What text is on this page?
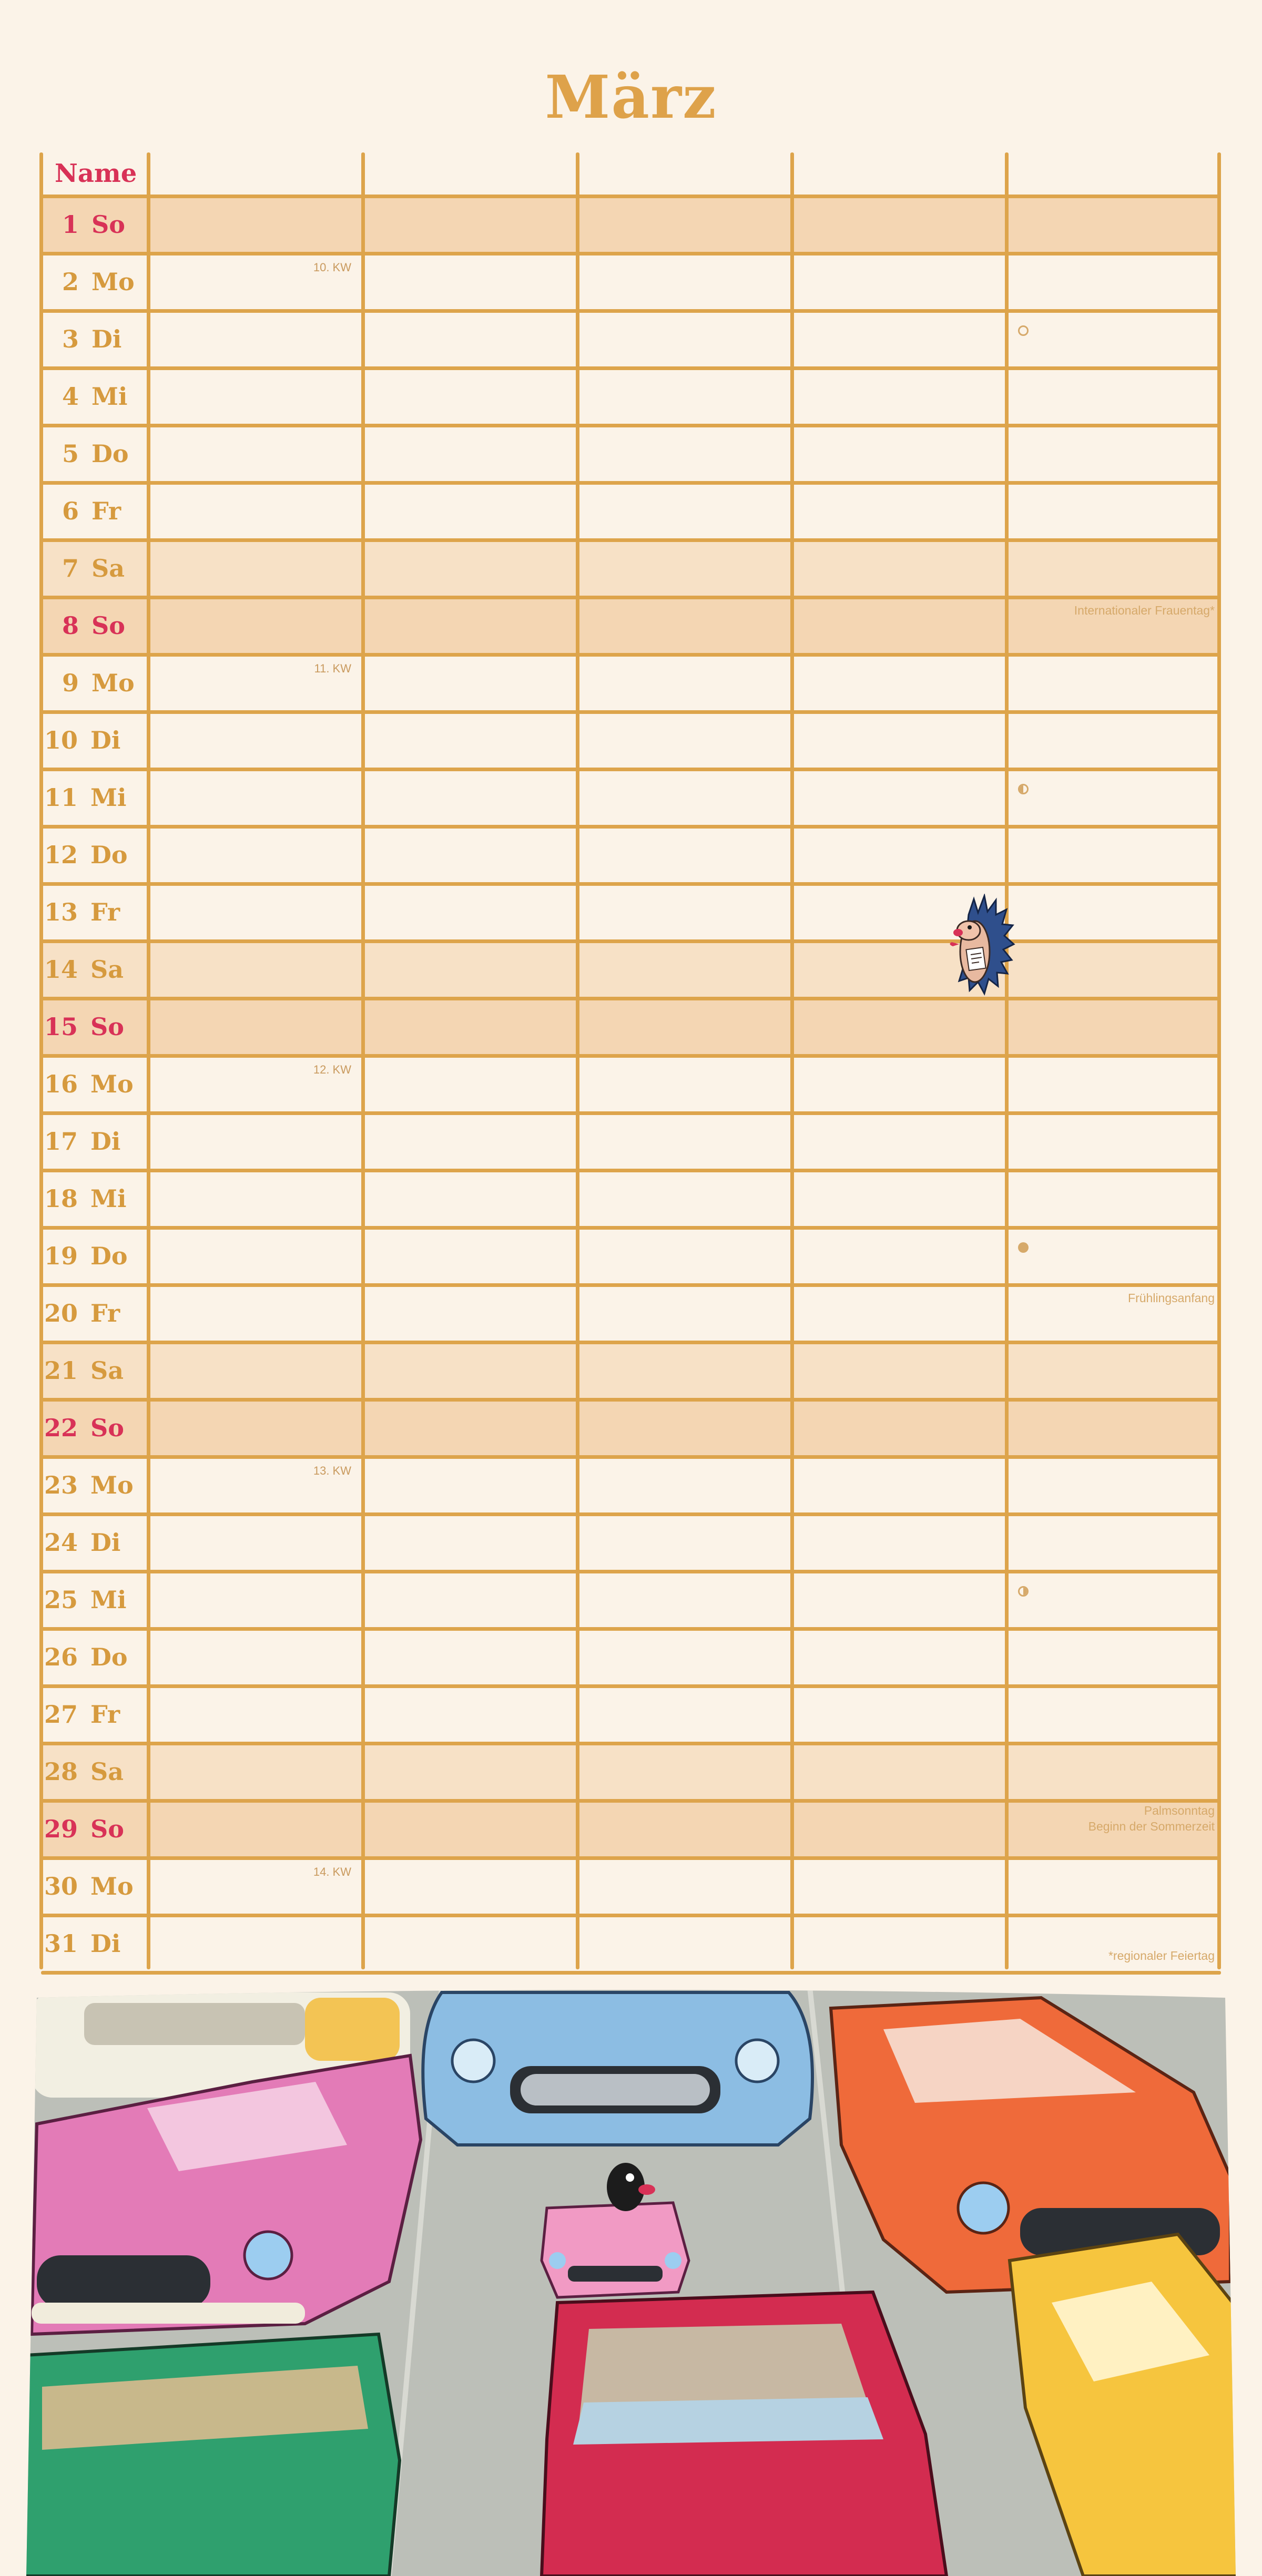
März
Name
1 So
2 Mo
10. KW
3 Di
4 Mi
5 Do
6 Fr
7 Sa
8 So
Internationaler Frauentag*
9 Mo
11. KW
10 Di
11 Mi
12 Do
13 Fr
14 Sa
15 So
16 Mo
12. KW
17 Di
18 Mi
19 Do
20 Fr
Frühlingsanfang
21 Sa
22 So
23 Mo
13. KW
24 Di
25 Mi
26 Do
27 Fr
28 Sa
29 So
Palmsonntag
Beginn der Sommerzeit
30 Mo
14. KW
31 Di	*regionaler Feiertag
